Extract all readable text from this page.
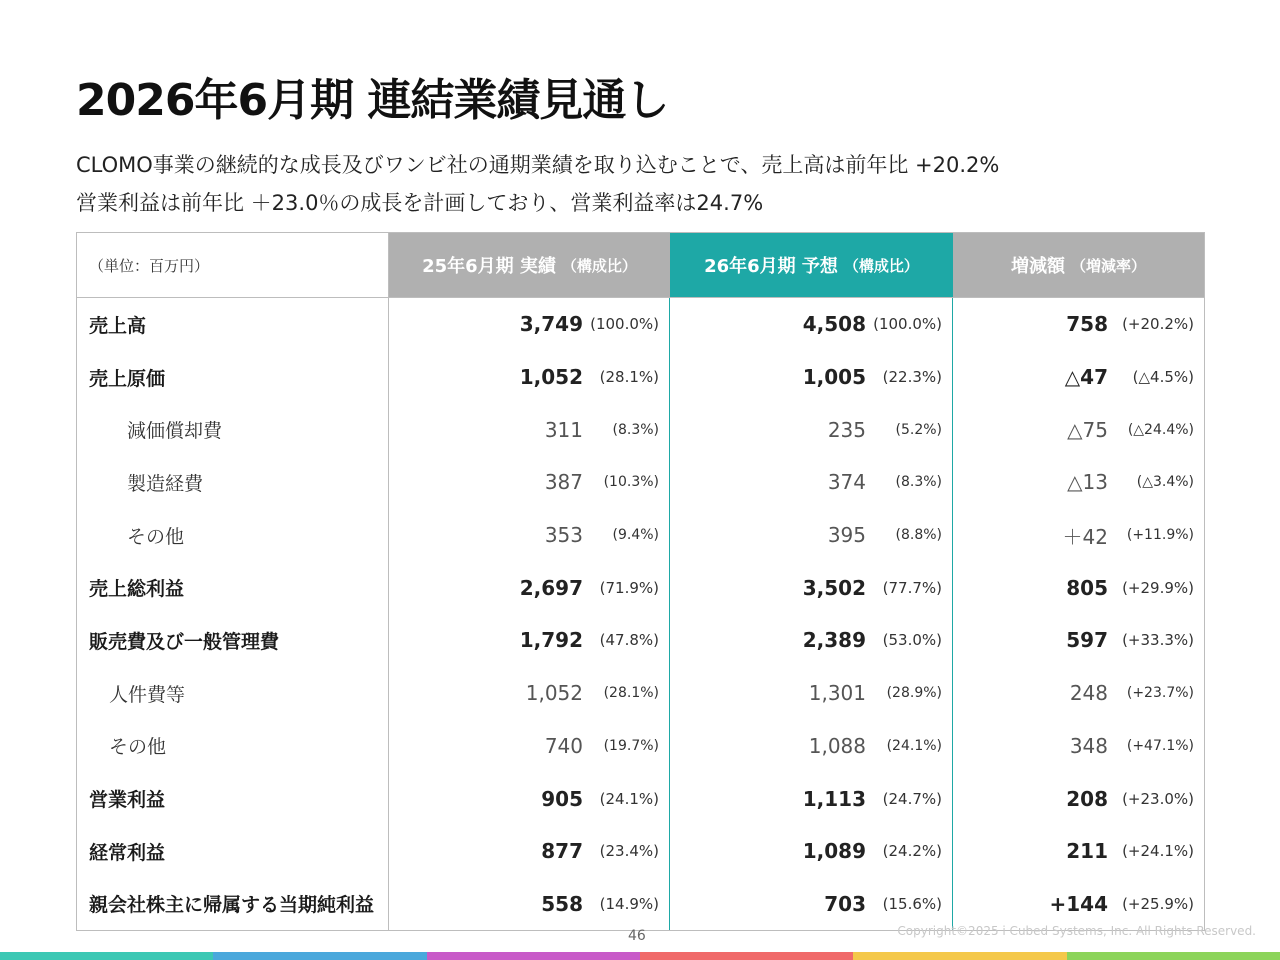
2026年6月期 連結業績見通し
CLOMO事業の継続的な成長及びワンビ社の通期業績を取り込むことで、売上高は前年比 +20.2%
営業利益は前年比 ＋23.0％の成長を計画しており、営業利益率は24.7%
（単位：百万円）	25年6月期 実績 （構成比）	26年6月期 予想 （構成比）	増減額 （増減率）
売上高	3,749 (100.0%)	4,508 (100.0%)	758 (+20.2%)
売上原価	1,052	(28.1%)	1,005	(22.3%)	△47	(△4.5%)
減価償却費	311	(8.3%)	235	(5.2%)	△75	(△24.4%)
製造経費	387	(10.3%)	374	(8.3%)	△13	(△3.4%)
その他	353	(9.4%)	395	(8.8%)	＋42	(+11.9%)
売上総利益	2,697	(71.9%)	3,502	(77.7%)	805 (+29.9%)
販売費及び一般管理費	1,792	(47.8%)	2,389	(53.0%)	597 (+33.3%)
人件費等	1,052	(28.1%)	1,301	(28.9%)	248	(+23.7%)
その他	740	(19.7%)	1,088	(24.1%)	348	(+47.1%)
営業利益	905	(24.1%)	1,113	(24.7%)	208 (+23.0%)
経常利益	877	(23.4%)	1,089	(24.2%)	211 (+24.1%)
親会社株主に帰属する当期純利益	558	(14.9%)	703	(15.6%)	+144 (+25.9%)
46	Copyright©2025 i Cubed Systems, Inc. All Rights Reserved.
